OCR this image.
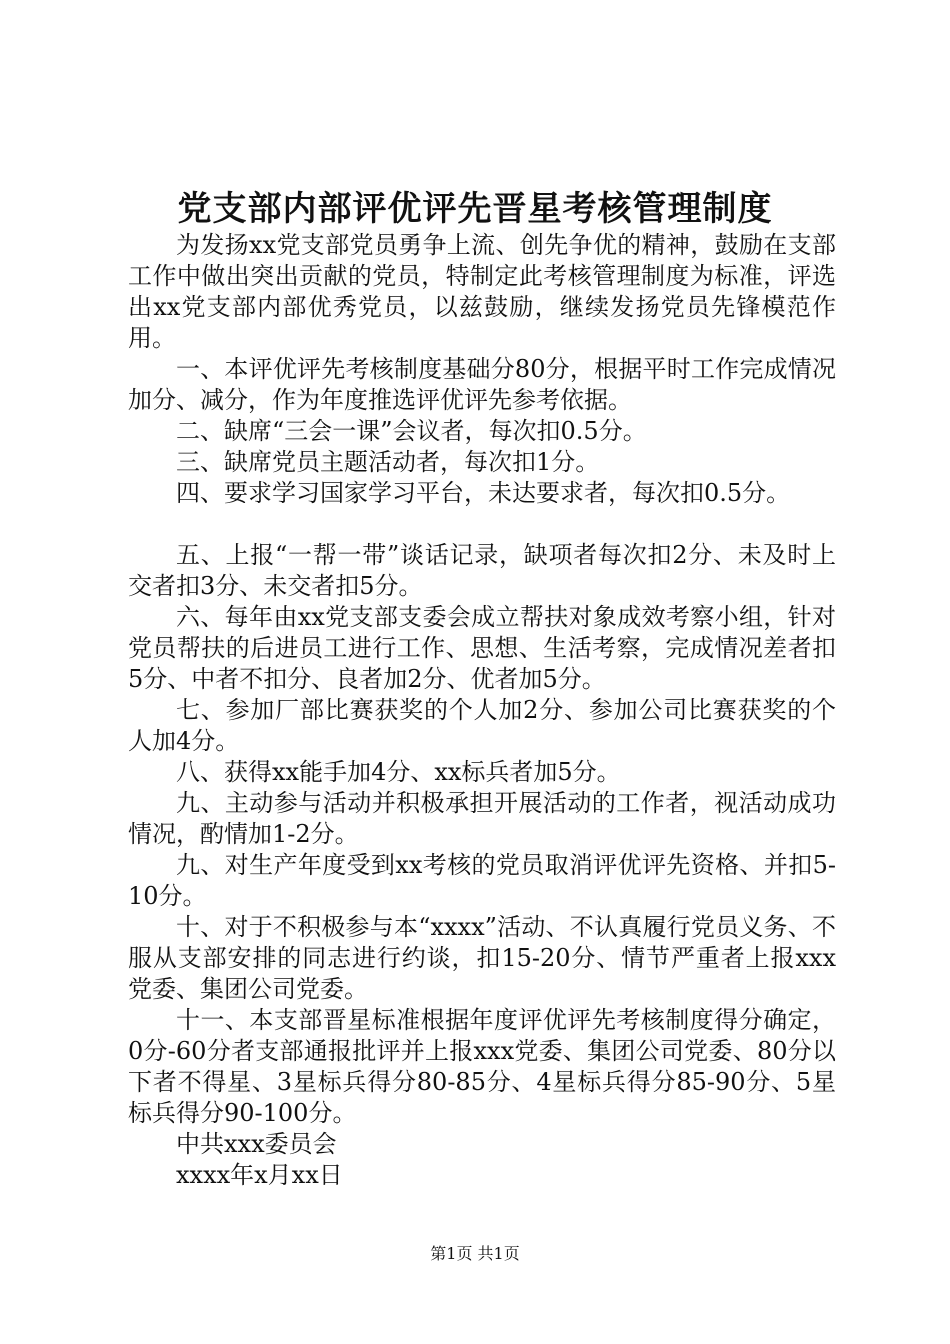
党支部内部评优评先晋星考核管理制度

为发扬xx党支部党员勇争上流、创先争优的精神，鼓励在支部工作中做出突出贡献的党员，特制定此考核管理制度为标准，评选出xx党支部内部优秀党员，以兹鼓励，继续发扬党员先锋模范作用。

一、本评优评先考核制度基础分80分，根据平时工作完成情况加分、减分，作为年度推选评优评先参考依据。

二、缺席“三会一课”会议者，每次扣0.5分。

三、缺席党员主题活动者，每次扣1分。

四、要求学习国家学习平台，未达要求者，每次扣0.5分。

五、上报“一帮一带”谈话记录，缺项者每次扣2分、未及时上交者扣3分、未交者扣5分。

六、每年由xx党支部支委会成立帮扶对象成效考察小组，针对党员帮扶的后进员工进行工作、思想、生活考察，完成情况差者扣5分、中者不扣分、良者加2分、优者加5分。

七、参加厂部比赛获奖的个人加2分、参加公司比赛获奖的个人加4分。

八、获得xx能手加4分、xx标兵者加5分。

九、主动参与活动并积极承担开展活动的工作者，视活动成功情况，酌情加1-2分。

九、对生产年度受到xx考核的党员取消评优评先资格、并扣5-10分。

十、对于不积极参与本“xxxx”活动、不认真履行党员义务、不服从支部安排的同志进行约谈，扣15-20分、情节严重者上报xxx党委、集团公司党委。

十一、本支部晋星标准根据年度评优评先考核制度得分确定，0分-60分者支部通报批评并上报xxx党委、集团公司党委、80分以下者不得星、3星标兵得分80-85分、4星标兵得分85-90分、5星标兵得分90-100分。

中共xxx委员会

xxxx年x月xx日

第1页 共1页
